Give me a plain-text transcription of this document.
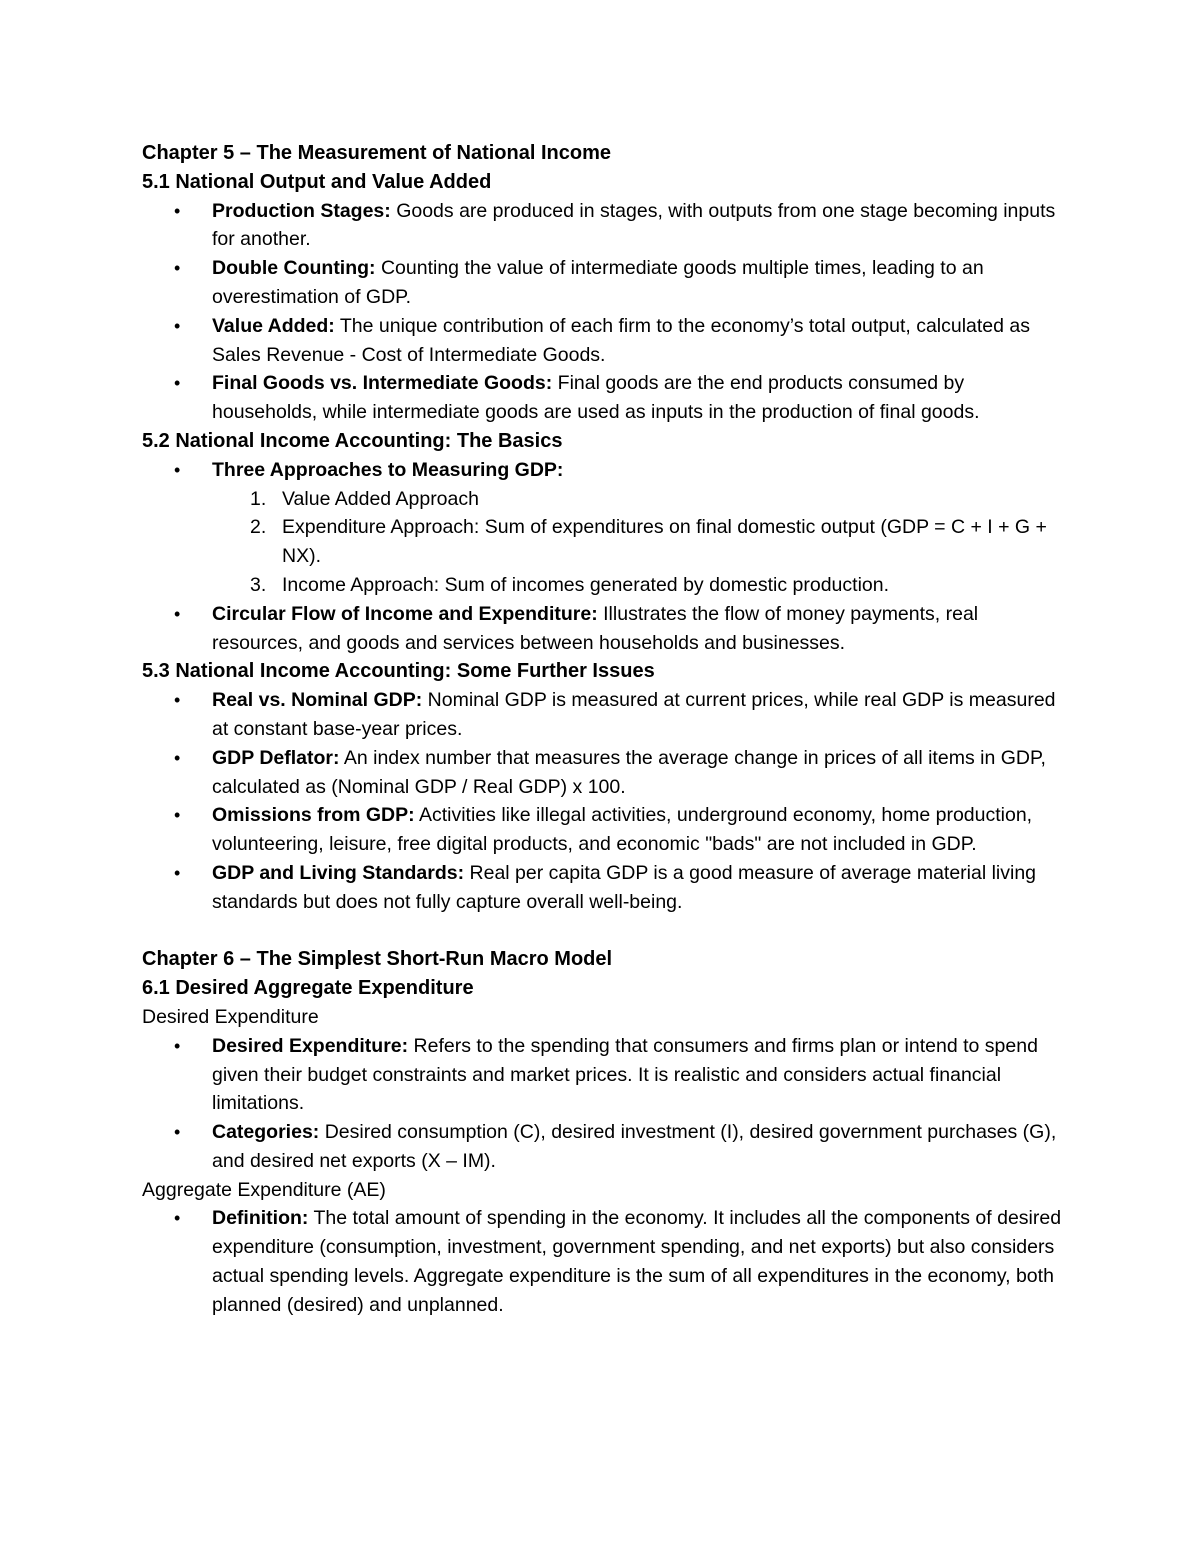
Chapter 5 – The Measurement of National Income
5.1 National Output and Value Added
• Production Stages: Goods are produced in stages, with outputs from one stage becoming inputs for another.
• Double Counting: Counting the value of intermediate goods multiple times, leading to an overestimation of GDP.
• Value Added: The unique contribution of each firm to the economy’s total output, calculated as Sales Revenue - Cost of Intermediate Goods.
• Final Goods vs. Intermediate Goods: Final goods are the end products consumed by households, while intermediate goods are used as inputs in the production of final goods.
5.2 National Income Accounting: The Basics
• Three Approaches to Measuring GDP:
Value Added Approach
Expenditure Approach: Sum of expenditures on final domestic output (GDP = C + I + G + NX).
Income Approach: Sum of incomes generated by domestic production.
• Circular Flow of Income and Expenditure: Illustrates the flow of money payments, real resources, and goods and services between households and businesses.
5.3 National Income Accounting: Some Further Issues
• Real vs. Nominal GDP: Nominal GDP is measured at current prices, while real GDP is measured at constant base-year prices.
• GDP Deflator: An index number that measures the average change in prices of all items in GDP, calculated as (Nominal GDP / Real GDP) x 100.
• Omissions from GDP: Activities like illegal activities, underground economy, home production, volunteering, leisure, free digital products, and economic "bads" are not included in GDP.
• GDP and Living Standards: Real per capita GDP is a good measure of average material living standards but does not fully capture overall well-being.
Chapter 6 – The Simplest Short-Run Macro Model
6.1 Desired Aggregate Expenditure
Desired Expenditure
• Desired Expenditure: Refers to the spending that consumers and firms plan or intend to spend given their budget constraints and market prices. It is realistic and considers actual financial limitations.
• Categories: Desired consumption (C), desired investment (I), desired government purchases (G), and desired net exports (X – IM).
Aggregate Expenditure (AE)
• Definition: The total amount of spending in the economy. It includes all the components of desired expenditure (consumption, investment, government spending, and net exports) but also considers actual spending levels. Aggregate expenditure is the sum of all expenditures in the economy, both planned (desired) and unplanned.
